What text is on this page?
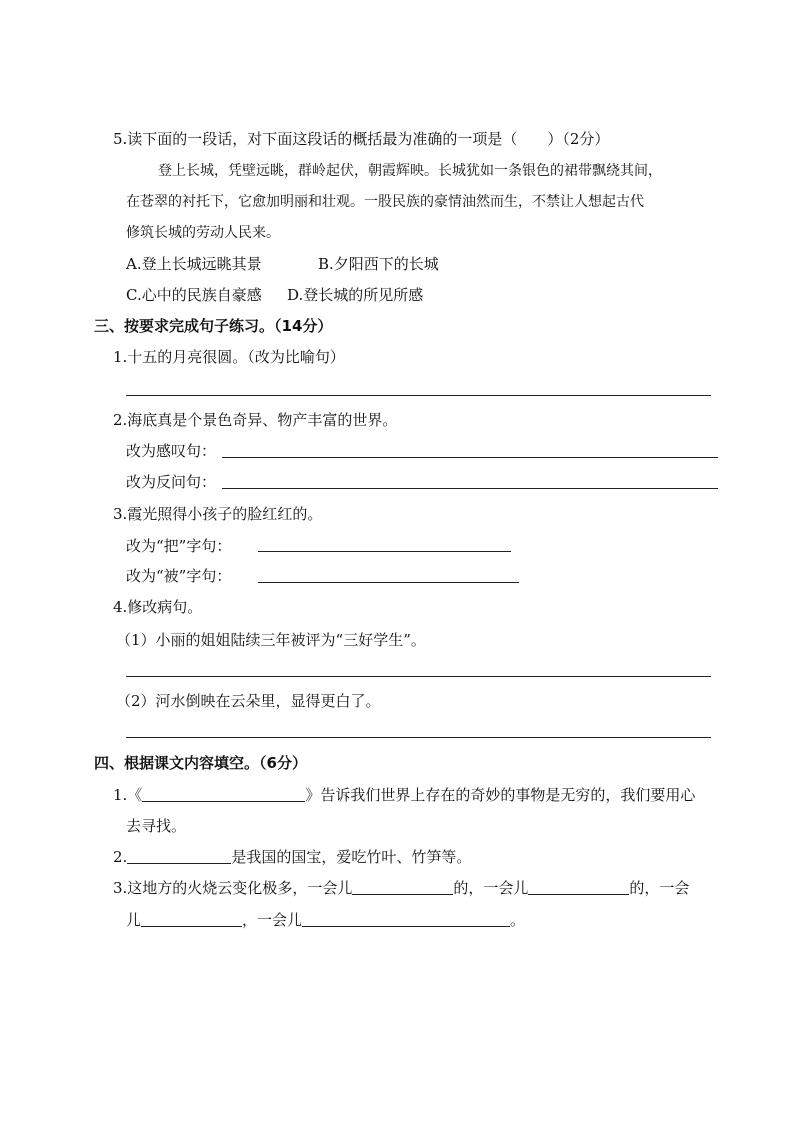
5.读下面的一段话，对下面这段话的概括最为准确的一项是（　　）（2分）
登上长城，凭壁远眺，群岭起伏，朝霞辉映。长城犹如一条银色的裙带飘绕其间，
在苍翠的衬托下，它愈加明丽和壮观。一股民族的豪情油然而生，不禁让人想起古代
修筑长城的劳动人民来。
A.登上长城远眺其景	B.夕阳西下的长城
C.心中的民族自豪感 D.登长城的所见所感
三、按要求完成句子练习。（14分）
1.十五的月亮很圆。（改为比喻句）
2.海底真是个景色奇异、物产丰富的世界。
改为感叹句：
改为反问句：
3.霞光照得小孩子的脸红红的。
改为“把”字句：
改为“被”字句：
4.修改病句。
（1）小丽的姐姐陆续三年被评为“三好学生”。
（2）河水倒映在云朵里，显得更白了。
四、根据课文内容填空。（6分）
1.《	》告诉我们世界上存在的奇妙的事物是无穷的，我们要用心
去寻找。
2.	是我国的国宝，爱吃竹叶、竹笋等。
3.这地方的火烧云变化极多，一会儿	的，一会儿	的，一会
儿	，一会儿	。
